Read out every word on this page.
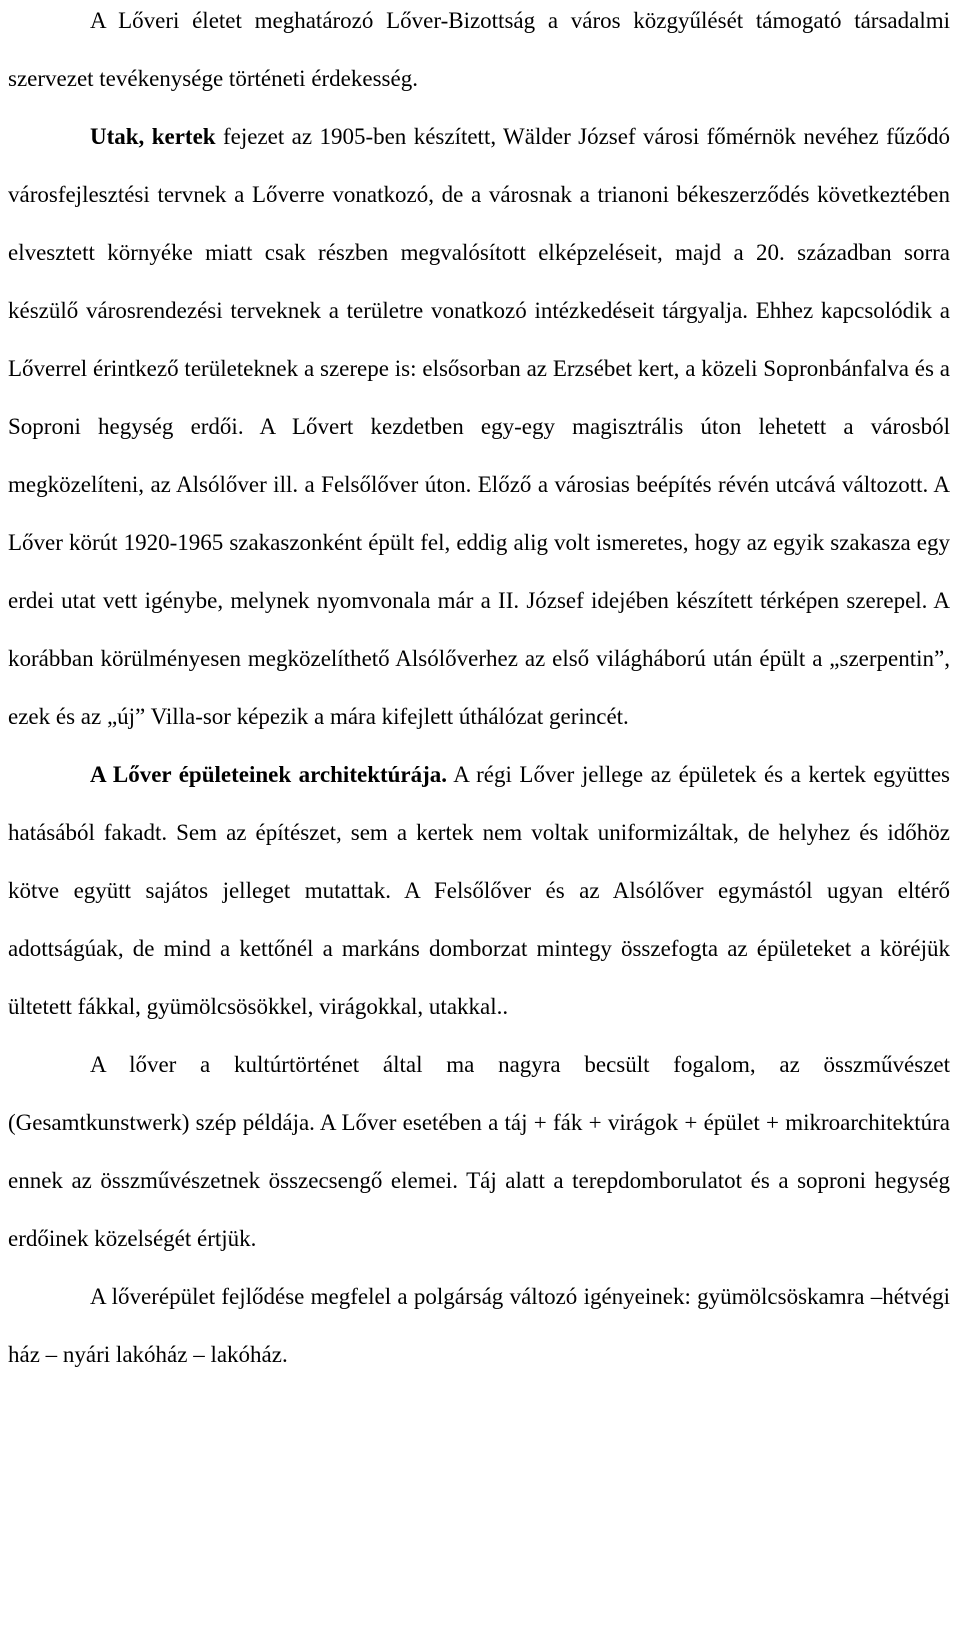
A Lőveri életet meghatározó Lőver-Bizottság a város közgyűlését támogató társadalmi szervezet tevékenysége történeti érdekesség.

Utak, kertek fejezet az 1905-ben készített, Wälder József városi főmérnök nevéhez fűződó városfejlesztési tervnek a Lőverre vonatkozó, de a városnak a trianoni békeszerződés következtében elvesztett környéke miatt csak részben megvalósított elképzeléseit, majd a 20. században sorra készülő városrendezési terveknek a területre vonatkozó intézkedéseit tárgyalja. Ehhez kapcsolódik a Lőverrel érintkező területeknek a szerepe is: elsősorban az Erzsébet kert, a közeli Sopronbánfalva és a Soproni hegység erdői. A Lővert kezdetben egy-egy magisztrális úton lehetett a városból megközelíteni, az Alsólőver ill. a Felsőlőver úton. Előző a városias beépítés révén utcává változott. A Lőver körút 1920-1965 szakaszonként épült fel, eddig alig volt ismeretes, hogy az egyik szakasza egy erdei utat vett igénybe, melynek nyomvonala már a II. József idejében készített térképen szerepel. A korábban körülményesen megközelíthető Alsólőverhez az első világháború után épült a „szerpentin”, ezek és az „új” Villa-sor képezik a mára kifejlett úthálózat gerincét.

A Lőver épületeinek architektúrája. A régi Lőver jellege az épületek és a kertek együttes hatásából fakadt. Sem az építészet, sem a kertek nem voltak uniformizáltak, de helyhez és időhöz kötve együtt sajátos jelleget mutattak. A Felsőlőver és az Alsólőver egymástól ugyan eltérő adottságúak, de mind a kettőnél a markáns domborzat mintegy összefogta az épületeket a köréjük ültetett fákkal, gyümölcsösökkel, virágokkal, utakkal..

A lőver a kultúrtörténet által ma nagyra becsült fogalom, az összművészet (Gesamtkunstwerk) szép példája. A Lőver esetében a táj + fák + virágok + épület + mikroarchitektúra ennek az összművészetnek összecsengő elemei. Táj alatt a terepdomborulatot és a soproni hegység erdőinek közelségét értjük.

A lőverépület fejlődése megfelel a polgárság változó igényeinek: gyümölcsöskamra –hétvégi ház – nyári lakóház – lakóház.
